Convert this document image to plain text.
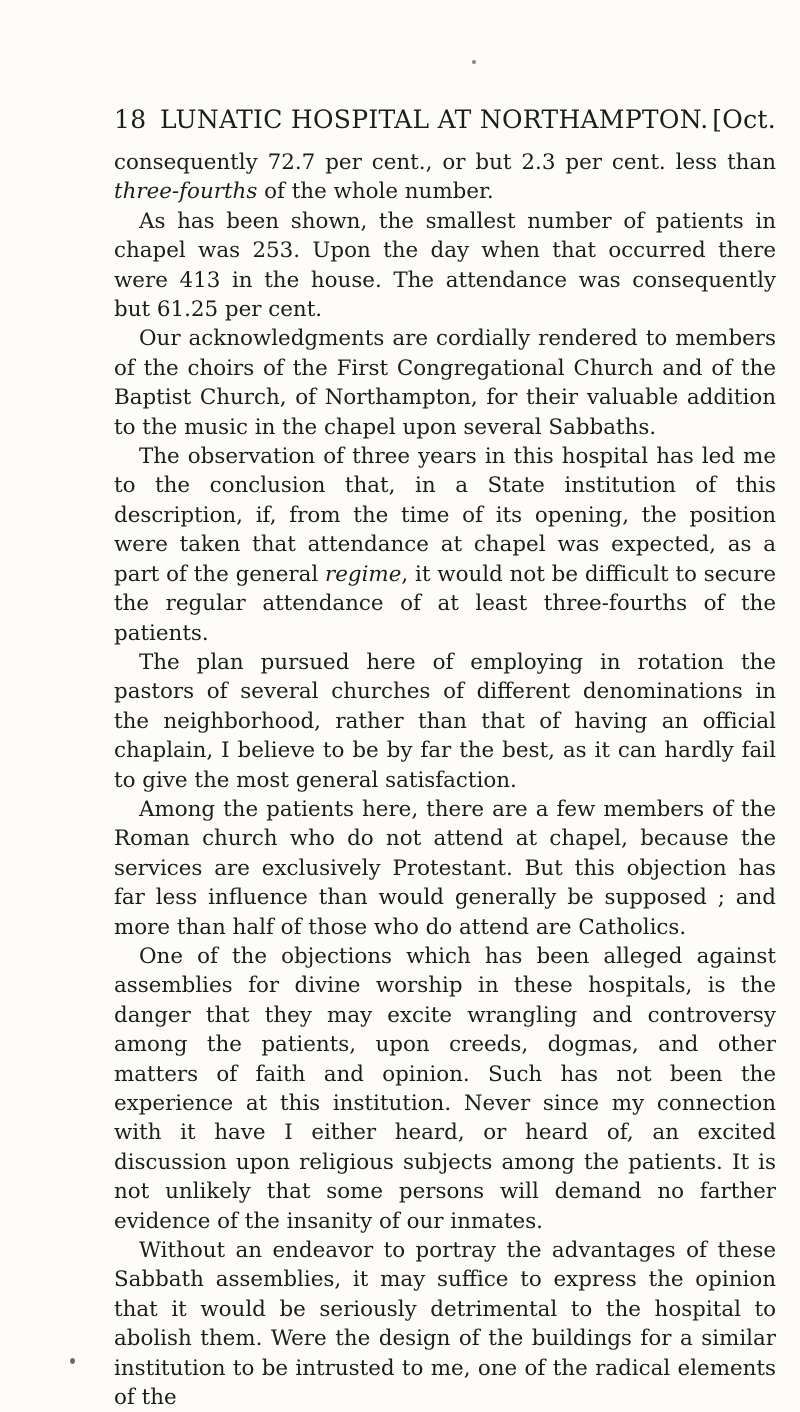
18 LUNATIC HOSPITAL AT NORTHAMPTON. [Oct.

consequently 72.7 per cent., or but 2.3 per cent. less than three-fourths of the whole number.

As has been shown, the smallest number of patients in chapel was 253. Upon the day when that occurred there were 413 in the house. The attendance was consequently but 61.25 per cent.

Our acknowledgments are cordially rendered to members of the choirs of the First Congregational Church and of the Baptist Church, of Northampton, for their valuable addition to the music in the chapel upon several Sabbaths.

The observation of three years in this hospital has led me to the conclusion that, in a State institution of this description, if, from the time of its opening, the position were taken that attendance at chapel was expected, as a part of the general regime, it would not be difficult to secure the regular attendance of at least three-fourths of the patients.

The plan pursued here of employing in rotation the pastors of several churches of different denominations in the neighborhood, rather than that of having an official chaplain, I believe to be by far the best, as it can hardly fail to give the most general satisfaction.

Among the patients here, there are a few members of the Roman church who do not attend at chapel, because the services are exclusively Protestant. But this objection has far less influence than would generally be supposed ; and more than half of those who do attend are Catholics.

One of the objections which has been alleged against assemblies for divine worship in these hospitals, is the danger that they may excite wrangling and controversy among the patients, upon creeds, dogmas, and other matters of faith and opinion. Such has not been the experience at this institution. Never since my connection with it have I either heard, or heard of, an excited discussion upon religious subjects among the patients. It is not unlikely that some persons will demand no farther evidence of the insanity of our inmates.

Without an endeavor to portray the advantages of these Sabbath assemblies, it may suffice to express the opinion that it would be seriously detrimental to the hospital to abolish them. Were the design of the buildings for a similar institution to be intrusted to me, one of the radical elements of the
